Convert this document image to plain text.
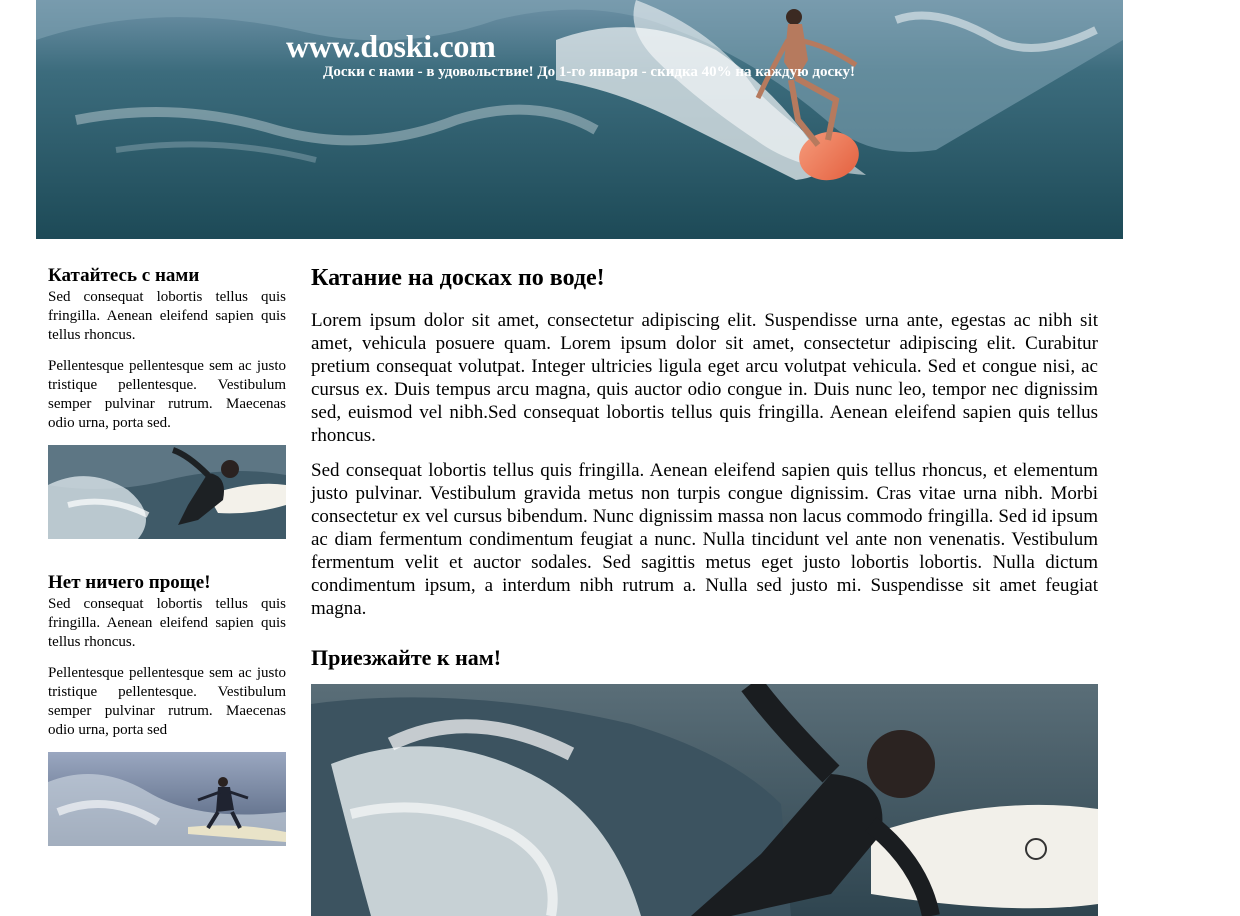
www.doski.com

Доски с нами - в удовольствие! До 1-го января - скидка 40% на каждую доску!

Катайтесь с нами

Sed consequat lobortis tellus quis fringilla. Aenean eleifend sapien quis tellus rhoncus.

Pellentesque pellentesque sem ac justo tristique pellentesque. Vestibulum semper pulvinar rutrum. Maecenas odio urna, porta sed.

Нет ничего проще!

Sed consequat lobortis tellus quis fringilla. Aenean eleifend sapien quis tellus rhoncus.

Pellentesque pellentesque sem ac justo tristique pellentesque. Vestibulum semper pulvinar rutrum. Maecenas odio urna, porta sed

Катание на досках по воде!

Lorem ipsum dolor sit amet, consectetur adipiscing elit. Suspendisse urna ante, egestas ac nibh sit amet, vehicula posuere quam. Lorem ipsum dolor sit amet, consectetur adipiscing elit. Curabitur pretium consequat volutpat. Integer ultricies ligula eget arcu volutpat vehicula. Sed et congue nisi, ac cursus ex. Duis tempus arcu magna, quis auctor odio congue in. Duis nunc leo, tempor nec dignissim sed, euismod vel nibh.Sed consequat lobortis tellus quis fringilla. Aenean eleifend sapien quis tellus rhoncus.

Sed consequat lobortis tellus quis fringilla. Aenean eleifend sapien quis tellus rhoncus, et elementum justo pulvinar. Vestibulum gravida metus non turpis congue dignissim. Cras vitae urna nibh. Morbi consectetur ex vel cursus bibendum. Nunc dignissim massa non lacus commodo fringilla. Sed id ipsum ac diam fermentum condimentum feugiat a nunc. Nulla tincidunt vel ante non venenatis. Vestibulum fermentum velit et auctor sodales. Sed sagittis metus eget justo lobortis lobortis. Nulla dictum condimentum ipsum, a interdum nibh rutrum a. Nulla sed justo mi. Suspendisse sit amet feugiat magna.

Приезжайте к нам!
